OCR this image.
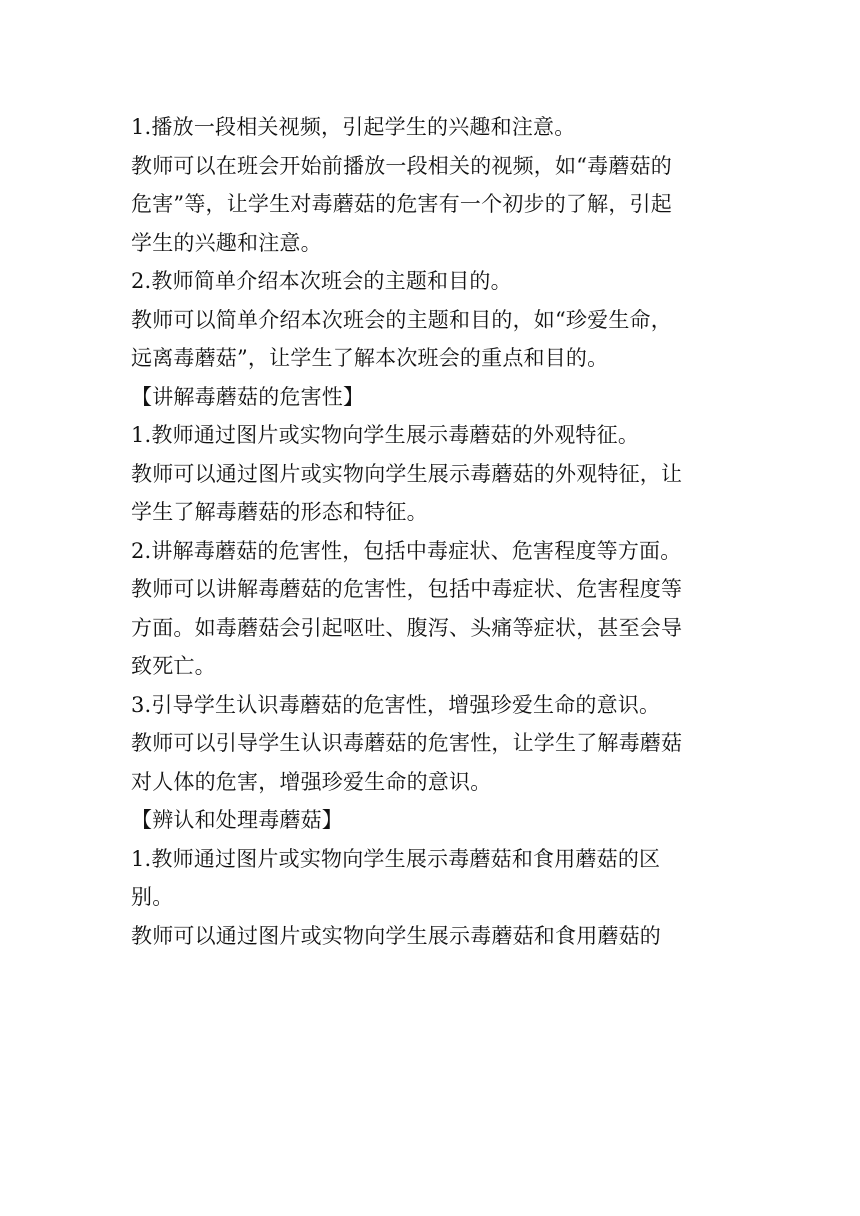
1.播放一段相关视频，引起学生的兴趣和注意。
教师可以在班会开始前播放一段相关的视频，如“毒蘑菇的
危害”等，让学生对毒蘑菇的危害有一个初步的了解，引起
学生的兴趣和注意。
2.教师简单介绍本次班会的主题和目的。
教师可以简单介绍本次班会的主题和目的，如“珍爱生命，
远离毒蘑菇”，让学生了解本次班会的重点和目的。
【讲解毒蘑菇的危害性】
1.教师通过图片或实物向学生展示毒蘑菇的外观特征。
教师可以通过图片或实物向学生展示毒蘑菇的外观特征，让
学生了解毒蘑菇的形态和特征。
2.讲解毒蘑菇的危害性，包括中毒症状、危害程度等方面。
教师可以讲解毒蘑菇的危害性，包括中毒症状、危害程度等
方面。如毒蘑菇会引起呕吐、腹泻、头痛等症状，甚至会导
致死亡。
3.引导学生认识毒蘑菇的危害性，增强珍爱生命的意识。
教师可以引导学生认识毒蘑菇的危害性，让学生了解毒蘑菇
对人体的危害，增强珍爱生命的意识。
【辨认和处理毒蘑菇】
1.教师通过图片或实物向学生展示毒蘑菇和食用蘑菇的区
别。
教师可以通过图片或实物向学生展示毒蘑菇和食用蘑菇的
